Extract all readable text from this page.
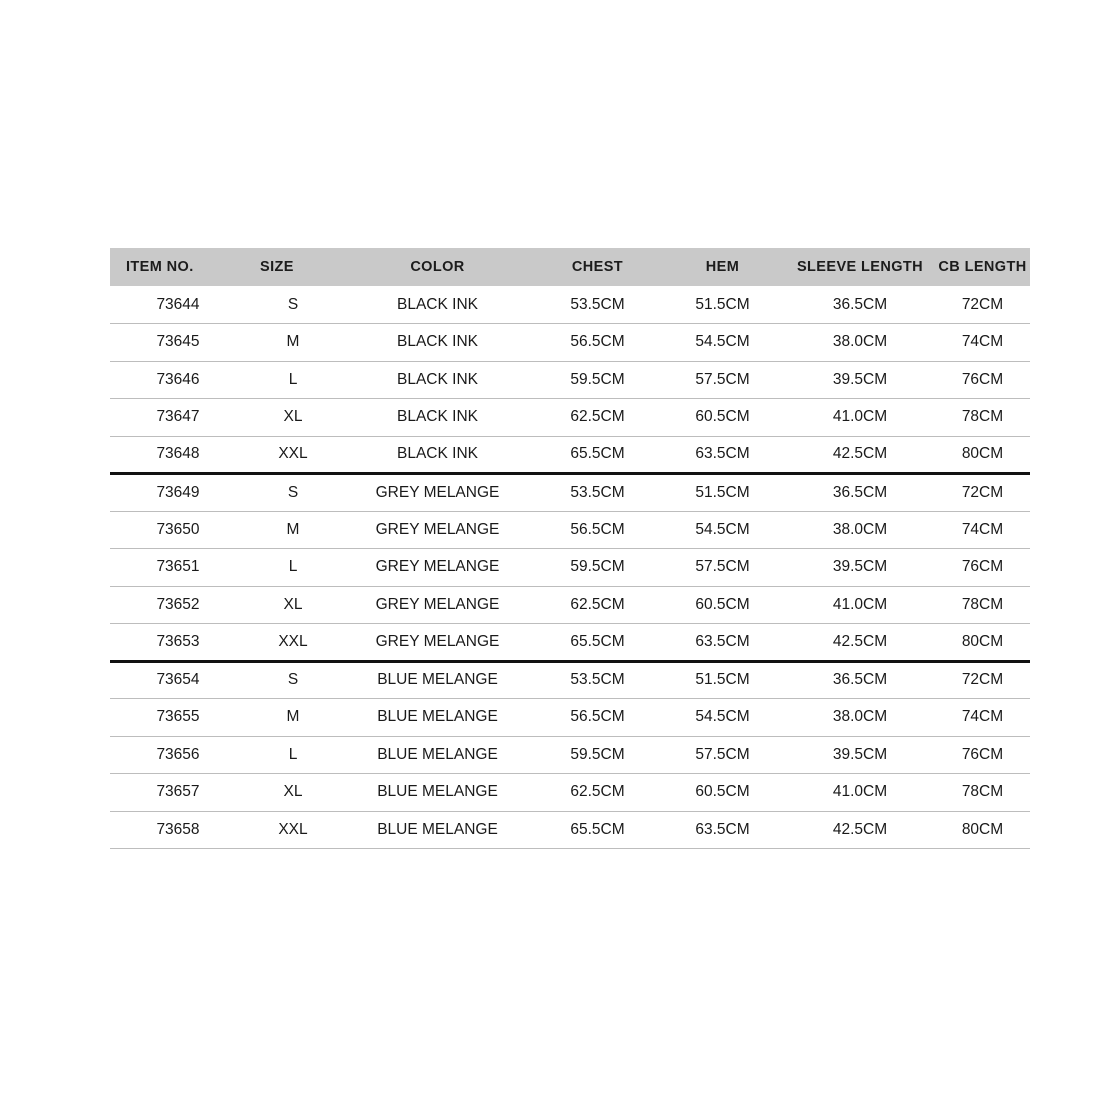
ITEM NO.	SIZE	COLOR	CHEST	HEM	SLEEVE LENGTH	CB LENGTH
73644	S	BLACK INK	53.5CM	51.5CM	36.5CM	72CM
73645	M	BLACK INK	56.5CM	54.5CM	38.0CM	74CM
73646	L	BLACK INK	59.5CM	57.5CM	39.5CM	76CM
73647	XL	BLACK INK	62.5CM	60.5CM	41.0CM	78CM
73648	XXL	BLACK INK	65.5CM	63.5CM	42.5CM	80CM
73649	S	GREY MELANGE	53.5CM	51.5CM	36.5CM	72CM
73650	M	GREY MELANGE	56.5CM	54.5CM	38.0CM	74CM
73651	L	GREY MELANGE	59.5CM	57.5CM	39.5CM	76CM
73652	XL	GREY MELANGE	62.5CM	60.5CM	41.0CM	78CM
73653	XXL	GREY MELANGE	65.5CM	63.5CM	42.5CM	80CM
73654	S	BLUE MELANGE	53.5CM	51.5CM	36.5CM	72CM
73655	M	BLUE MELANGE	56.5CM	54.5CM	38.0CM	74CM
73656	L	BLUE MELANGE	59.5CM	57.5CM	39.5CM	76CM
73657	XL	BLUE MELANGE	62.5CM	60.5CM	41.0CM	78CM
73658	XXL	BLUE MELANGE	65.5CM	63.5CM	42.5CM	80CM
